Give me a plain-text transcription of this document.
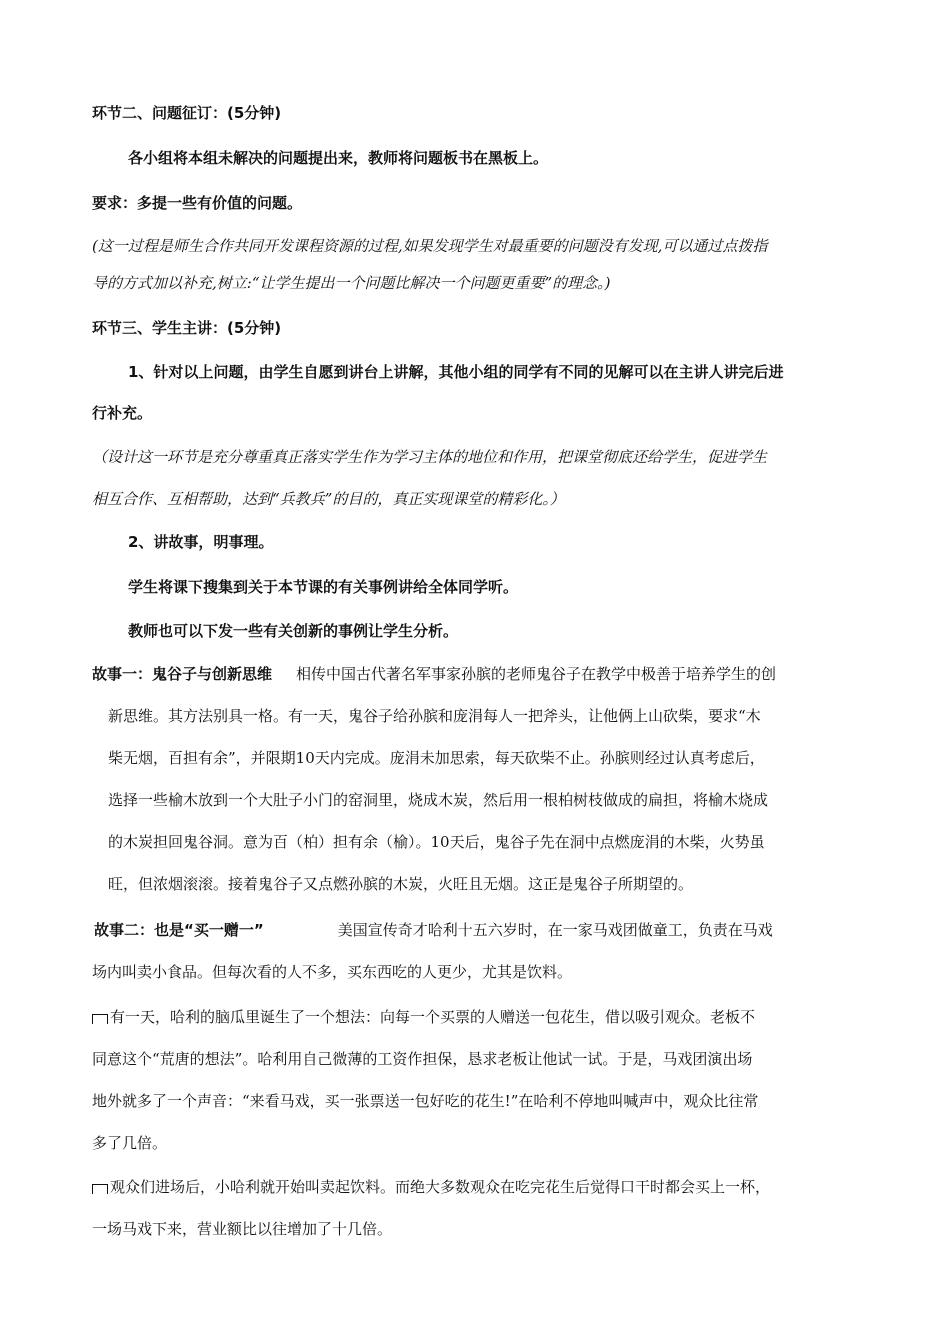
环节二、问题征订：(5分钟)

各小组将本组未解决的问题提出来，教师将问题板书在黑板上。

要求：多提一些有价值的问题。

(这一过程是师生合作共同开发课程资源的过程,如果发现学生对最重要的问题没有发现,可以通过点拨指

导的方式加以补充,树立:“让学生提出一个问题比解决一个问题更重要”的理念。)

环节三、学生主讲：(5分钟)

1、针对以上问题，由学生自愿到讲台上讲解，其他小组的同学有不同的见解可以在主讲人讲完后进

行补充。

（设计这一环节是充分尊重真正落实学生作为学习主体的地位和作用，把课堂彻底还给学生，促进学生

相互合作、互相帮助，达到“兵教兵”的目的，真正实现课堂的精彩化。）

2、讲故事，明事理。

学生将课下搜集到关于本节课的有关事例讲给全体同学听。

教师也可以下发一些有关创新的事例让学生分析。

故事一：鬼谷子与创新思维 相传中国古代著名军事家孙膑的老师鬼谷子在教学中极善于培养学生的创

新思维。其方法别具一格。有一天，鬼谷子给孙膑和庞涓每人一把斧头，让他俩上山砍柴，要求“木

柴无烟，百担有余”，并限期10天内完成。庞涓未加思索，每天砍柴不止。孙膑则经过认真考虑后，

选择一些榆木放到一个大肚子小门的窑洞里，烧成木炭，然后用一根柏树枝做成的扁担，将榆木烧成

的木炭担回鬼谷洞。意为百（柏）担有余（榆）。10天后，鬼谷子先在洞中点燃庞涓的木柴，火势虽

旺，但浓烟滚滚。接着鬼谷子又点燃孙膑的木炭，火旺且无烟。这正是鬼谷子所期望的。

故事二：也是“买一赠一”	美国宣传奇才哈利十五六岁时，在一家马戏团做童工，负责在马戏

场内叫卖小食品。但每次看的人不多，买东西吃的人更少，尤其是饮料。

有一天，哈利的脑瓜里诞生了一个想法：向每一个买票的人赠送一包花生，借以吸引观众。老板不

同意这个“荒唐的想法”。哈利用自己微薄的工资作担保，恳求老板让他试一试。于是，马戏团演出场

地外就多了一个声音：“来看马戏，买一张票送一包好吃的花生!”在哈利不停地叫喊声中，观众比往常

多了几倍。

观众们进场后，小哈利就开始叫卖起饮料。而绝大多数观众在吃完花生后觉得口干时都会买上一杯，

一场马戏下来，营业额比以往增加了十几倍。
